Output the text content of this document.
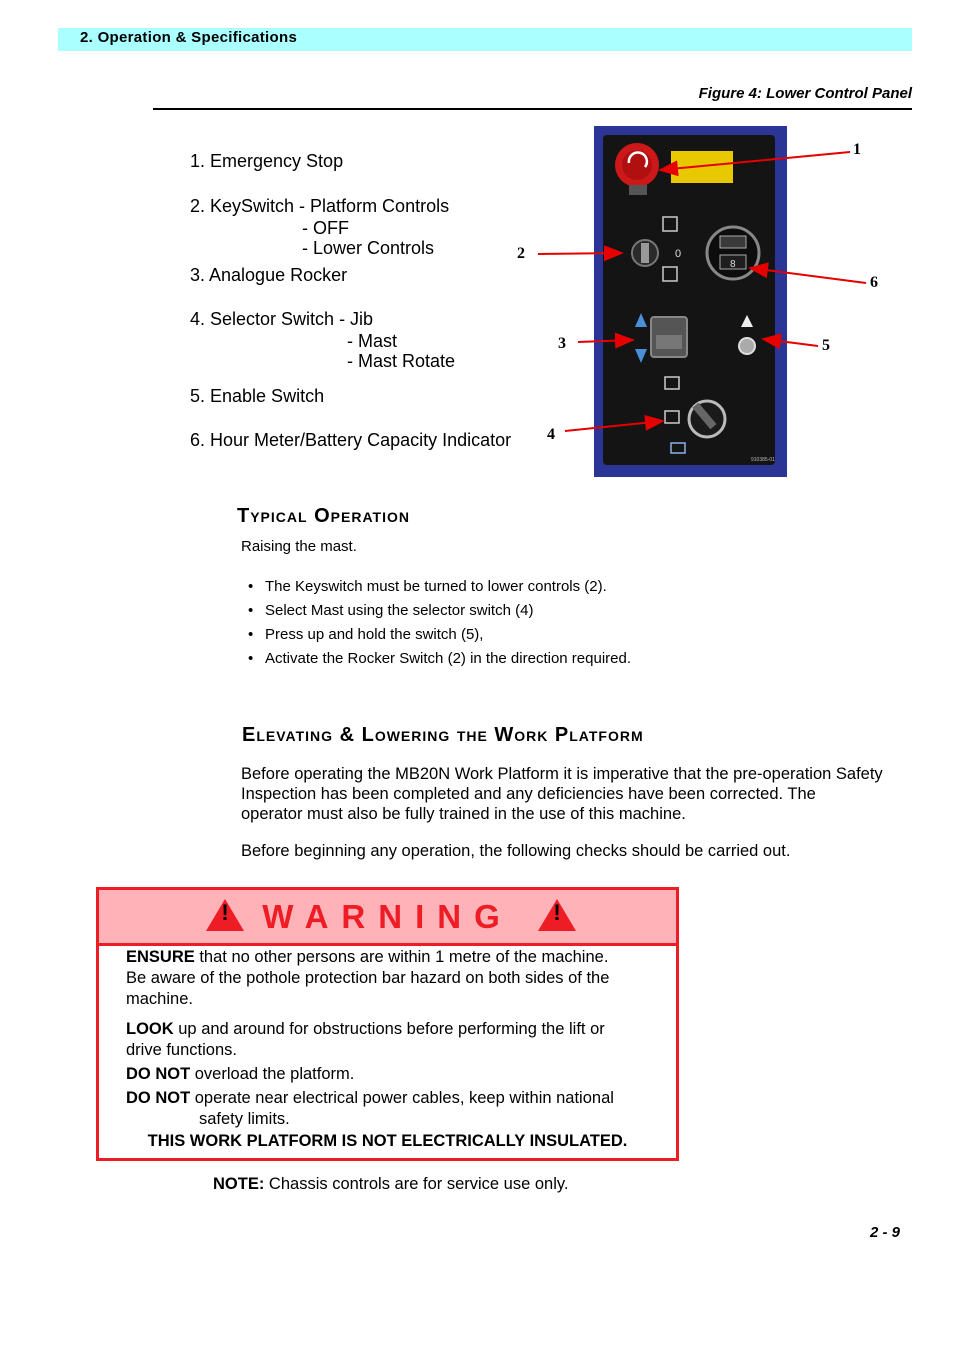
2. Operation & Specifications
Figure 4: Lower Control Panel
1. Emergency Stop
2. KeySwitch - Platform Controls
- OFF
- Lower Controls
3. Analogue Rocker
4. Selector Switch - Jib
- Mast
- Mast Rotate
5. Enable Switch
6. Hour Meter/Battery Capacity Indicator
0
8
910385-011
1
2
3
4
5
6
Typical Operation
Raising the mast.
• The Keyswitch must be turned to lower controls (2).
• Select Mast using the selector switch (4)
• Press up and hold the switch (5),
• Activate the Rocker Switch (2) in the direction required.
Elevating & Lowering the Work Platform
Before operating the MB20N Work Platform it is imperative that the pre-operation Safety
Inspection has been completed and any deficiencies have been corrected. The
operator must also be fully trained in the use of this machine.
Before beginning any operation, the following checks should be carried out.
!	!
WARNING
ENSURE that no other persons are within 1 metre of the machine.
Be aware of the pothole protection bar hazard on both sides of the
machine.
LOOK up and around for obstructions before performing the lift or
drive functions.
DO NOT overload the platform.
DO NOT operate near electrical power cables, keep within national
safety limits.
THIS WORK PLATFORM IS NOT ELECTRICALLY INSULATED.
NOTE: Chassis controls are for service use only.
2 - 9
